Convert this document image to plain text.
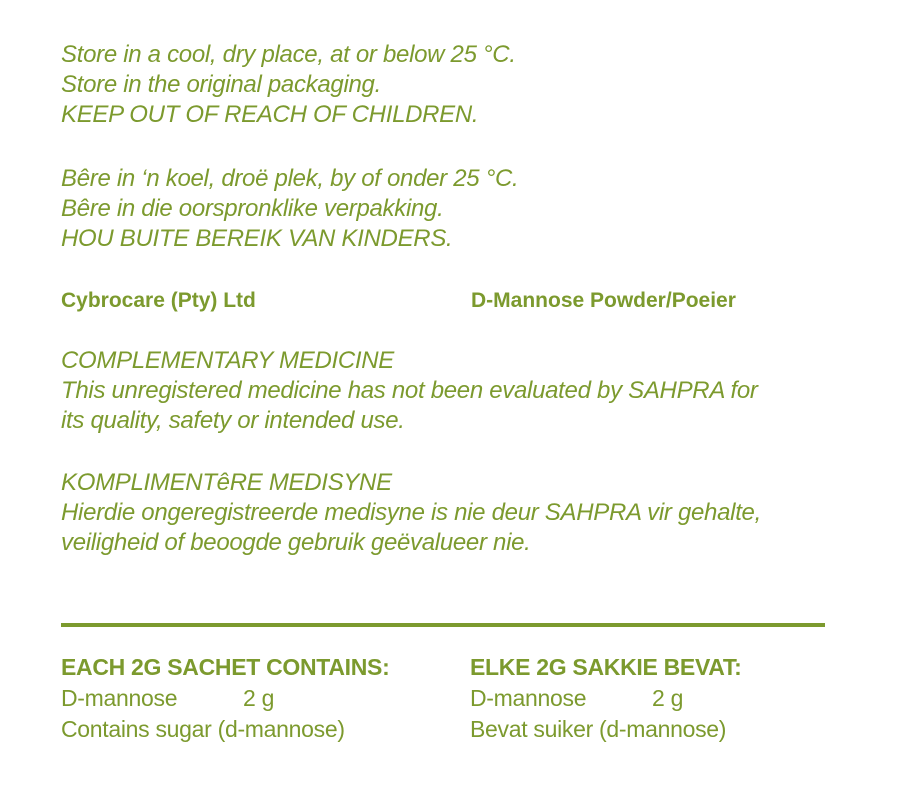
Store in a cool, dry place, at or below 25 °C.
Store in the original packaging.
KEEP OUT OF REACH OF CHILDREN.
Bêre in ‘n koel, droë plek, by of onder 25 °C.
Bêre in die oorspronklike verpakking.
HOU BUITE BEREIK VAN KINDERS.
Cybrocare (Pty) Ltd	D-Mannose Powder/Poeier
COMPLEMENTARY MEDICINE
This unregistered medicine has not been evaluated by SAHPRA for
its quality, safety or intended use.
KOMPLIMENTêRE MEDISYNE
Hierdie ongeregistreerde medisyne is nie deur SAHPRA vir gehalte,
veiligheid of beoogde gebruik geëvalueer nie.
EACH 2G SACHET CONTAINS:
D-mannose	2 g
Contains sugar (d-mannose)
ELKE 2G SAKKIE BEVAT:
D-mannose	2 g
Bevat suiker (d-mannose)
